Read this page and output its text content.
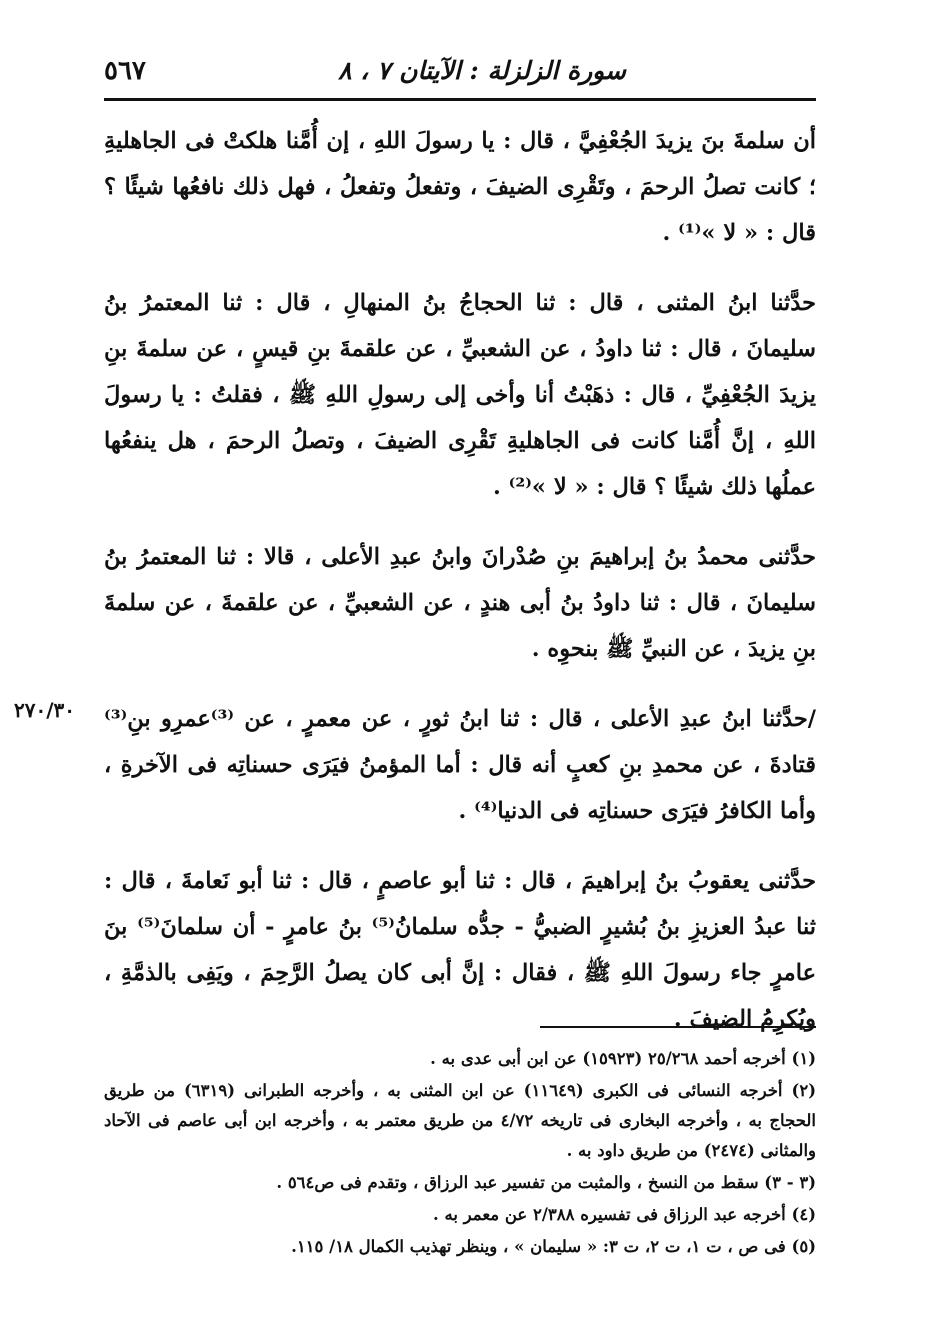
٥٦٧	سورة الزلزلة : الآيتان ٧ ، ٨
٢٧٠/٣٠

أن سلمةَ بنَ يزيدَ الجُعْفِيَّ ، قال : يا رسولَ اللهِ ، إن أُمَّنا هلكتْ فى الجاهليةِ ؛ كانت تصلُ الرحمَ ، وتَقْرِى الضيفَ ، وتفعلُ وتفعلُ ، فهل ذلك نافعُها شيئًا ؟ قال : « لا »⁽¹⁾ .

حدَّثنا ابنُ المثنى ، قال : ثنا الحجاجُ بنُ المنهالِ ، قال : ثنا المعتمرُ بنُ سليمانَ ، قال : ثنا داودُ ، عن الشعبيِّ ، عن علقمةَ بنِ قيسٍ ، عن سلمةَ بنِ يزيدَ الجُعْفِيِّ ، قال : ذهَبْتُ أنا وأخى إلى رسولِ اللهِ ﷺ ، فقلتُ : يا رسولَ اللهِ ، إنَّ أُمَّنا كانت فى الجاهليةِ تَقْرِى الضيفَ ، وتصلُ الرحمَ ، هل ينفعُها عملُها ذلك شيئًا ؟ قال : « لا »⁽²⁾ .

حدَّثنى محمدُ بنُ إبراهيمَ بنِ صُدْرانَ وابنُ عبدِ الأعلى ، قالا : ثنا المعتمرُ بنُ سليمانَ ، قال : ثنا داودُ بنُ أبى هندٍ ، عن الشعبيِّ ، عن علقمةَ ، عن سلمةَ بنِ يزيدَ ، عن النبيِّ ﷺ بنحوِه .

/حدَّثنا ابنُ عبدِ الأعلى ، قال : ثنا ابنُ ثورٍ ، عن معمرٍ ، عن ⁽³⁾عمرِو بنِ⁽³⁾ قتادةَ ، عن محمدِ بنِ كعبٍ أنه قال : أما المؤمنُ فيَرَى حسناتِه فى الآخرةِ ، وأما الكافرُ فيَرَى حسناتِه فى الدنيا⁽⁴⁾ .

حدَّثنى يعقوبُ بنُ إبراهيمَ ، قال : ثنا أبو عاصمٍ ، قال : ثنا أبو نَعامةَ ، قال : ثنا عبدُ العزيزِ بنُ بُشيرٍ الضبيُّ - جدُّه سلمانُ⁽⁵⁾ بنُ عامرٍ - أن سلمانَ⁽⁵⁾ بنَ عامرٍ جاء رسولَ اللهِ ﷺ ، فقال : إنَّ أبى كان يصلُ الرَّحِمَ ، ويَفِى بالذمَّةِ ، ويُكرِمُ الضيفَ .

(١) أخرجه أحمد ٢٥/٢٦٨ (١٥٩٢٣) عن ابن أبى عدى به .

(٢) أخرجه النسائى فى الكبرى (١١٦٤٩) عن ابن المثنى به ، وأخرجه الطبرانى (٦٣١٩) من طريق الحجاج به ، وأخرجه البخارى فى تاريخه ٤/٧٢ من طريق معتمر به ، وأخرجه ابن أبى عاصم فى الآحاد والمثانى (٢٤٧٤) من طريق داود به .

(٣ - ٣) سقط من النسخ ، والمثبت من تفسير عبد الرزاق ، وتقدم فى ص٥٦٤ .

(٤) أخرجه عبد الرزاق فى تفسيره ٢/٣٨٨ عن معمر به .

(٥) فى ص ، ت ١، ت ٢، ت ٣: « سليمان » ، وينظر تهذيب الكمال ١٨/ ١١٥.
